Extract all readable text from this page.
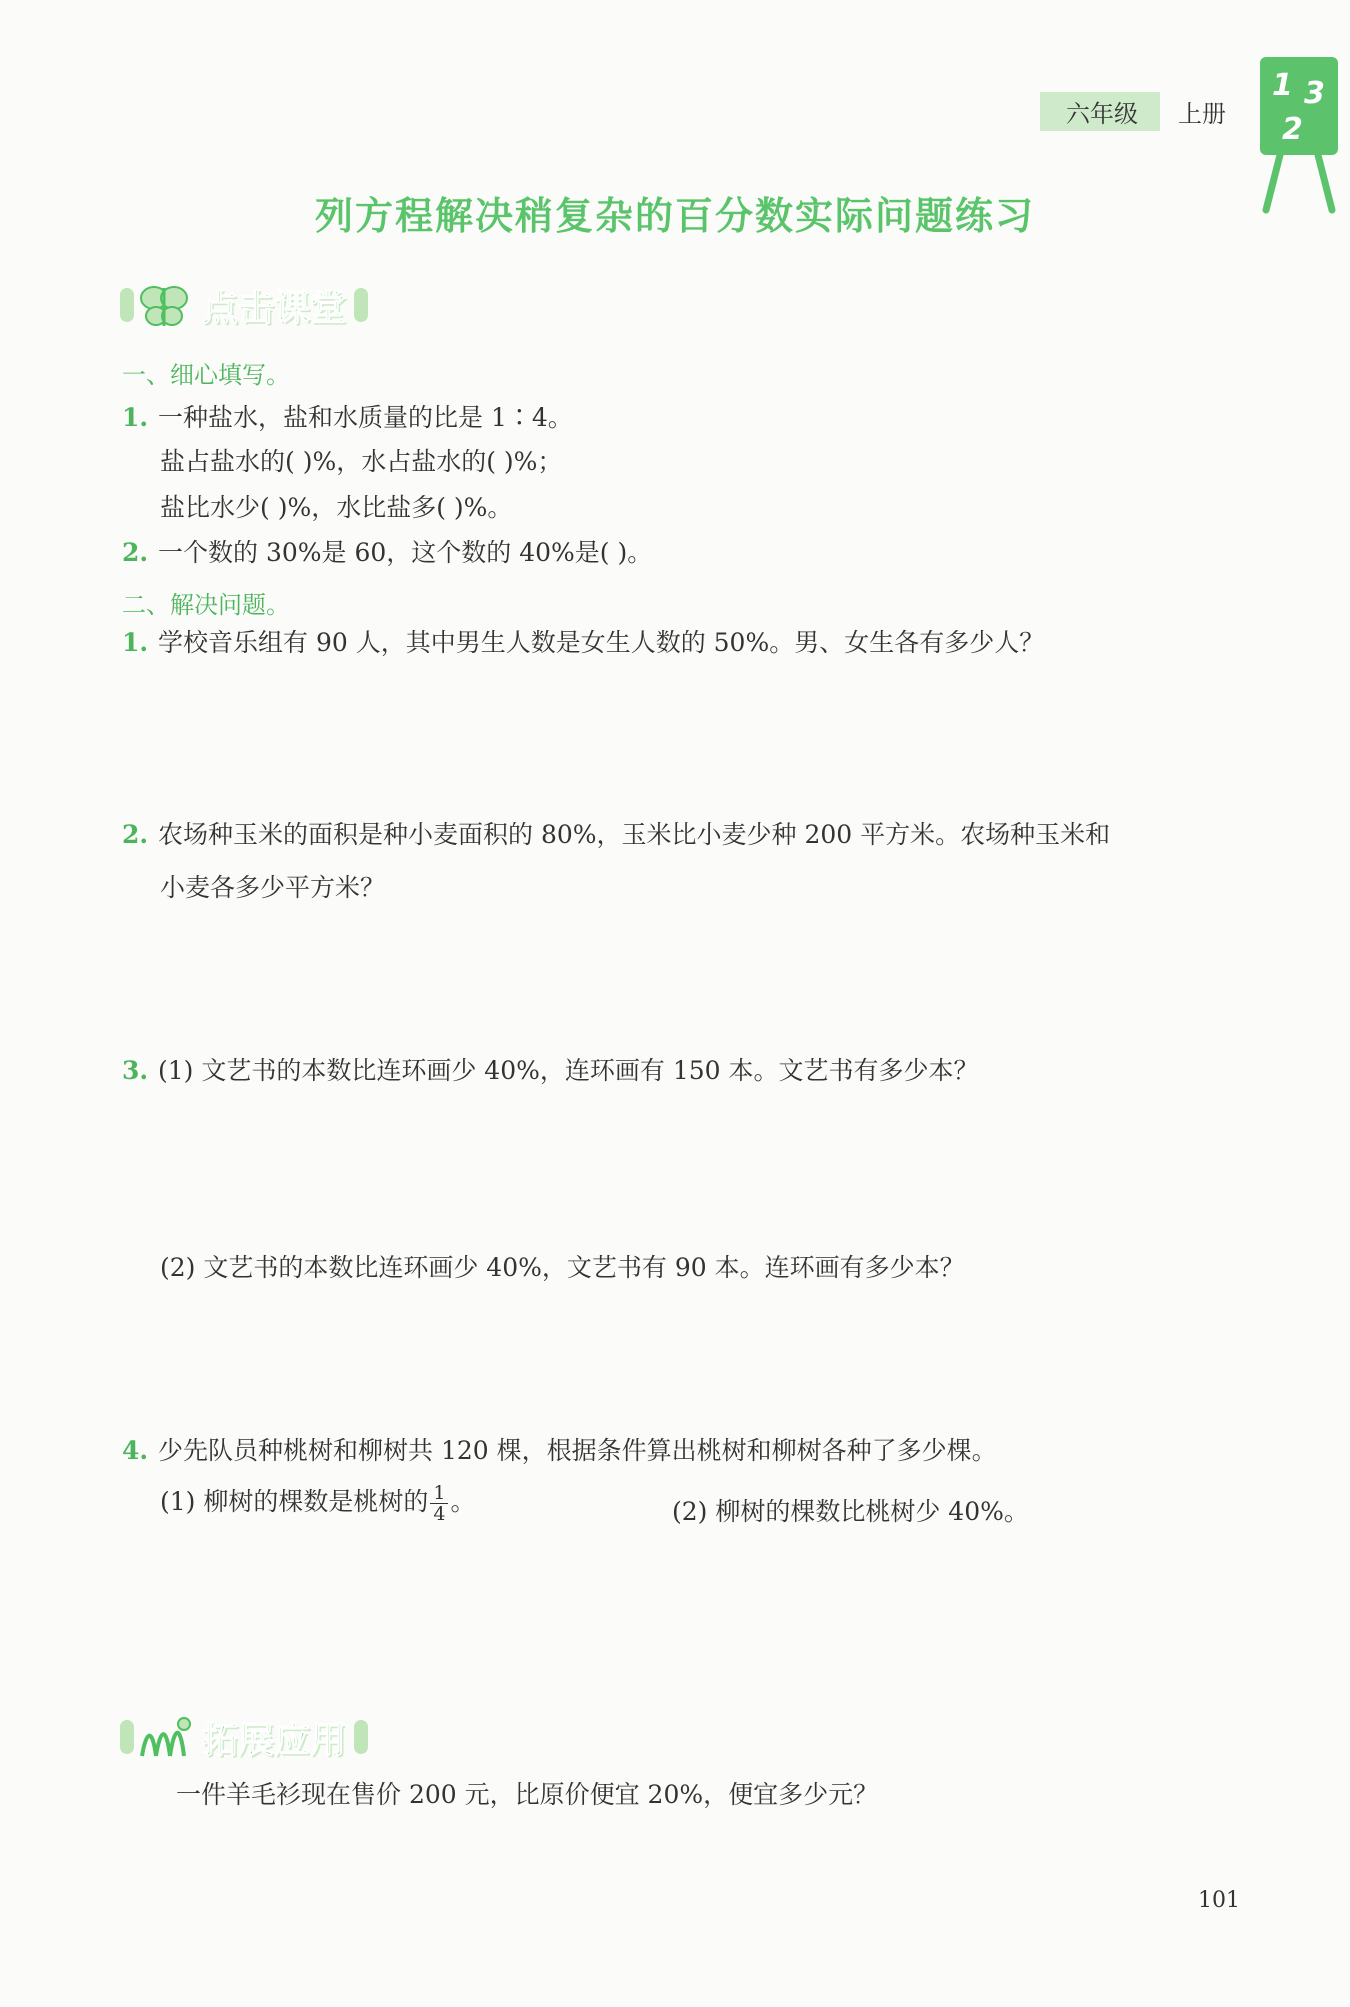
六年级	上册
1 3
2
列方程解决稍复杂的百分数实际问题练习
点击课堂
一、细心填写。
1. 一种盐水，盐和水质量的比是 1∶4。
盐占盐水的( )%，水占盐水的( )%；
盐比水少( )%，水比盐多( )%。
2. 一个数的 30%是 60，这个数的 40%是( )。
二、解决问题。
1. 学校音乐组有 90 人，其中男生人数是女生人数的 50%。男、女生各有多少人？
2. 农场种玉米的面积是种小麦面积的 80%，玉米比小麦少种 200 平方米。农场种玉米和
小麦各多少平方米？
3. (1) 文艺书的本数比连环画少 40%，连环画有 150 本。文艺书有多少本？
(2) 文艺书的本数比连环画少 40%，文艺书有 90 本。连环画有多少本？
4. 少先队员种桃树和柳树共 120 棵，根据条件算出桃树和柳树各种了多少棵。
(1) 柳树的棵数是桃树的 $\frac{1}{4}$ 。	(2) 柳树的棵数比桃树少 40%。
拓展应用
一件羊毛衫现在售价 200 元，比原价便宜 20%，便宜多少元？
101
